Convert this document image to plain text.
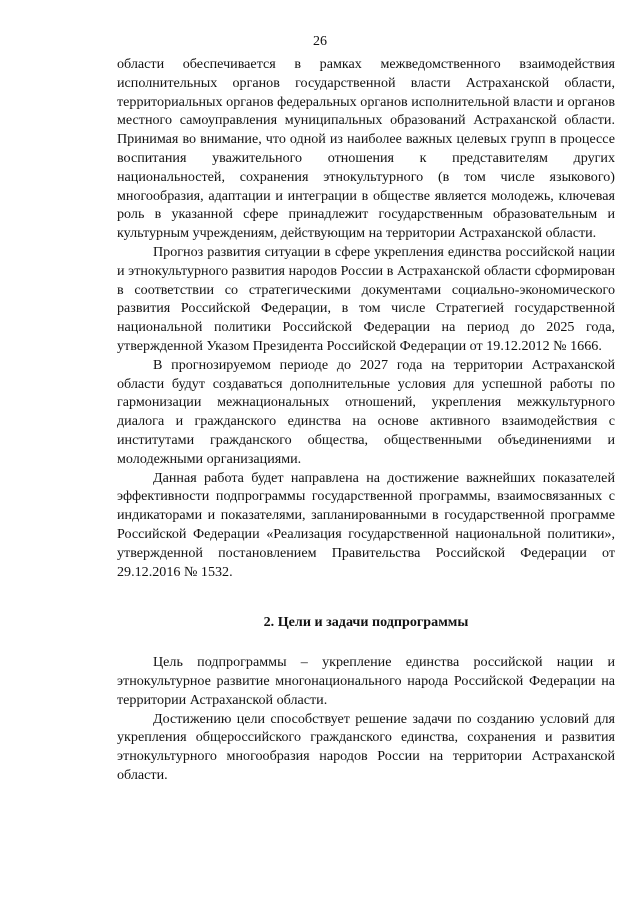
26

области обеспечивается в рамках межведомственного взаимодействия исполнительных органов государственной власти Астраханской области, территориальных органов федеральных органов исполнительной власти и органов местного самоуправления муниципальных образований Астраханской области. Принимая во внимание, что одной из наиболее важных целевых групп в процессе воспитания уважительного отношения к представителям других национальностей, сохранения этнокультурного (в том числе языкового) многообразия, адаптации и интеграции в обществе является молодежь, ключевая роль в указанной сфере принадлежит государственным образовательным и культурным учреждениям, действующим на территории Астраханской области.

Прогноз развития ситуации в сфере укрепления единства российской нации и этнокультурного развития народов России в Астраханской области сформирован в соответствии со стратегическими документами социально-экономического развития Российской Федерации, в том числе Стратегией государственной национальной политики Российской Федерации на период до 2025 года, утвержденной Указом Президента Российской Федерации от 19.12.2012 № 1666.

В прогнозируемом периоде до 2027 года на территории Астраханской области будут создаваться дополнительные условия для успешной работы по гармонизации межнациональных отношений, укрепления межкультурного диалога и гражданского единства на основе активного взаимодействия с институтами гражданского общества, общественными объединениями и молодежными организациями.

Данная работа будет направлена на достижение важнейших показателей эффективности подпрограммы государственной программы, взаимосвязанных с индикаторами и показателями, запланированными в государственной программе Российской Федерации «Реализация государственной национальной политики», утвержденной постановлением Правительства Российской Федерации от 29.12.2016 № 1532.

2. Цели и задачи подпрограммы

Цель подпрограммы – укрепление единства российской нации и этнокультурное развитие многонационального народа Российской Федерации на территории Астраханской области.

Достижению цели способствует решение задачи по созданию условий для укрепления общероссийского гражданского единства, сохранения и развития этнокультурного многообразия народов России на территории Астраханской области.
